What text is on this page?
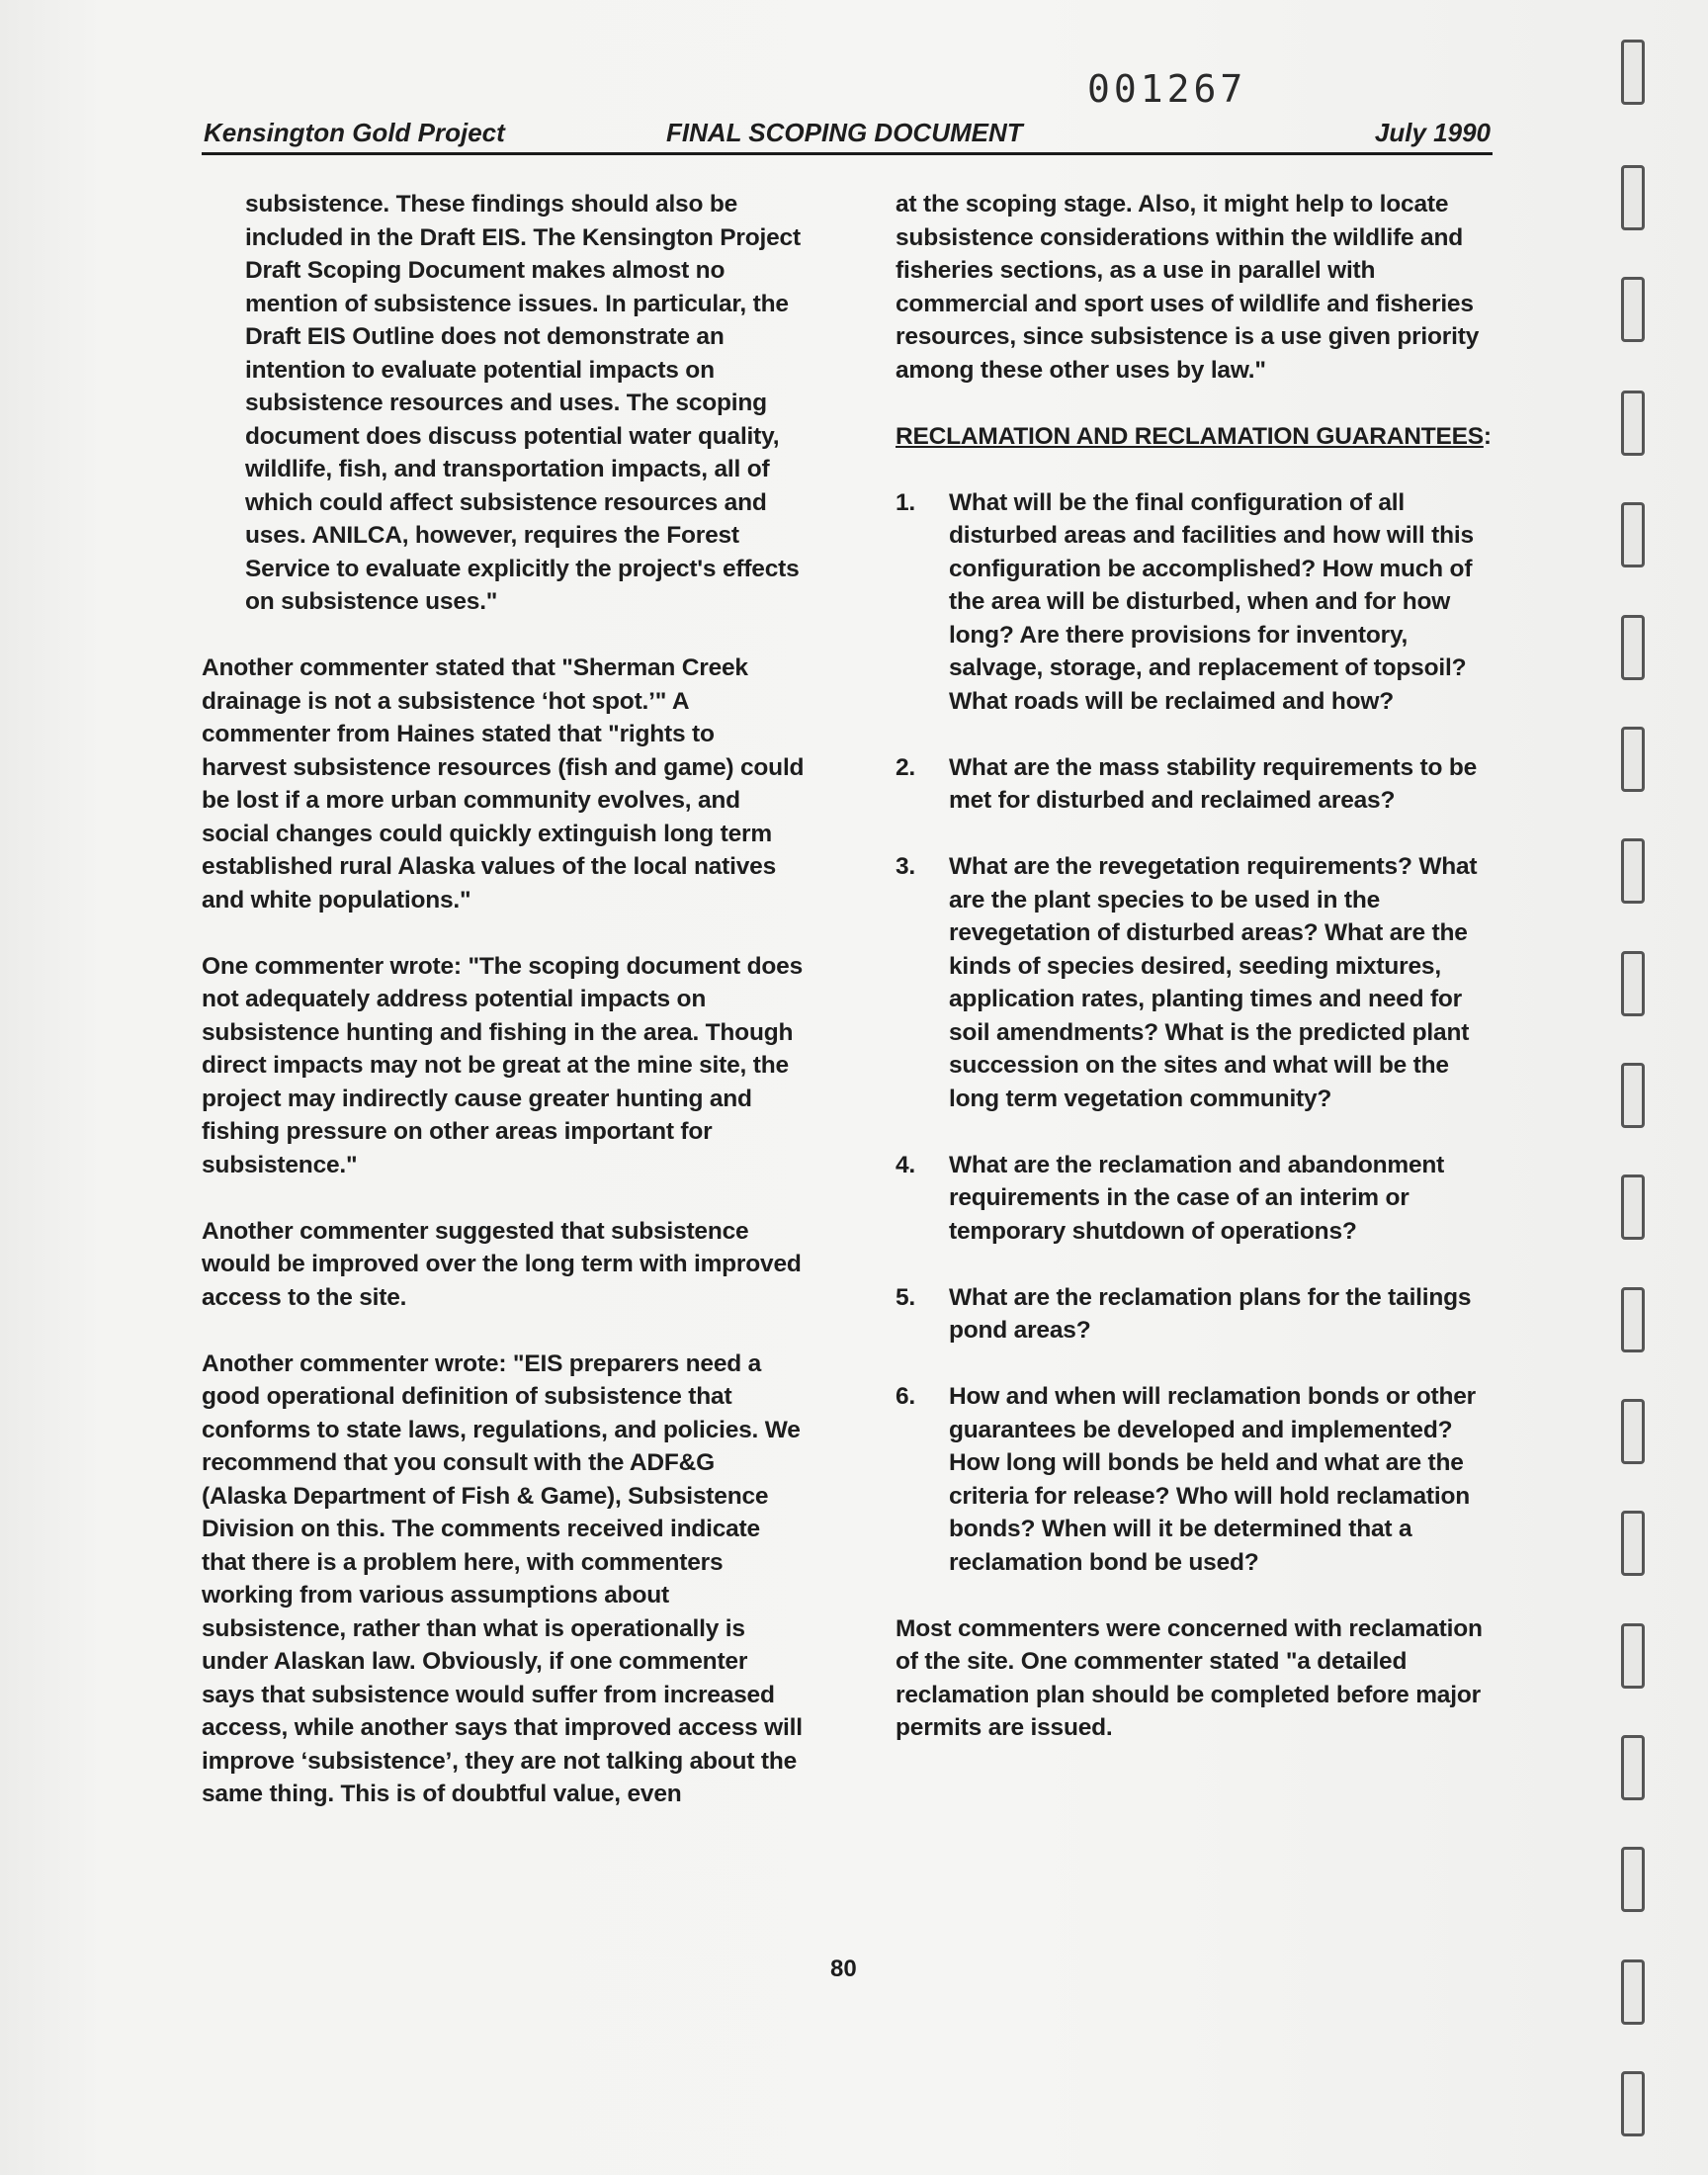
001267
Kensington Gold Project	FINAL SCOPING DOCUMENT	July 1990

subsistence. These findings should also be included in the Draft EIS. The Kensington Project Draft Scoping Document makes almost no mention of subsistence issues. In particular, the Draft EIS Outline does not demonstrate an intention to evaluate potential impacts on subsistence resources and uses. The scoping document does discuss potential water quality, wildlife, fish, and transportation impacts, all of which could affect subsistence resources and uses. ANILCA, however, requires the Forest Service to evaluate explicitly the project's effects on subsistence uses."

Another commenter stated that "Sherman Creek drainage is not a subsistence ‘hot spot.’" A commenter from Haines stated that "rights to harvest subsistence resources (fish and game) could be lost if a more urban community evolves, and social changes could quickly extinguish long term established rural Alaska values of the local natives and white populations."

One commenter wrote: "The scoping document does not adequately address potential impacts on subsistence hunting and fishing in the area. Though direct impacts may not be great at the mine site, the project may indirectly cause greater hunting and fishing pressure on other areas important for subsistence."

Another commenter suggested that subsistence would be improved over the long term with improved access to the site.

Another commenter wrote: "EIS preparers need a good operational definition of subsistence that conforms to state laws, regulations, and policies. We recommend that you consult with the ADF&G (Alaska Department of Fish & Game), Subsistence Division on this. The comments received indicate that there is a problem here, with commenters working from various assumptions about subsistence, rather than what is operationally is under Alaskan law. Obviously, if one commenter says that subsistence would suffer from increased access, while another says that improved access will improve ‘subsistence’, they are not talking about the same thing. This is of doubtful value, even

at the scoping stage. Also, it might help to locate subsistence considerations within the wildlife and fisheries sections, as a use in parallel with commercial and sport uses of wildlife and fisheries resources, since subsistence is a use given priority among these other uses by law."

RECLAMATION AND RECLAMATION GUARANTEES:

1. What will be the final configuration of all disturbed areas and facilities and how will this configuration be accomplished? How much of the area will be disturbed, when and for how long? Are there provisions for inventory, salvage, storage, and replacement of topsoil? What roads will be reclaimed and how?
2. What are the mass stability requirements to be met for disturbed and reclaimed areas?
3. What are the revegetation requirements? What are the plant species to be used in the revegetation of disturbed areas? What are the kinds of species desired, seeding mixtures, application rates, planting times and need for soil amendments? What is the predicted plant succession on the sites and what will be the long term vegetation community?
4. What are the reclamation and abandonment requirements in the case of an interim or temporary shutdown of operations?
5. What are the reclamation plans for the tailings pond areas?
6. How and when will reclamation bonds or other guarantees be developed and implemented? How long will bonds be held and what are the criteria for release? Who will hold reclamation bonds? When will it be determined that a reclamation bond be used?

Most commenters were concerned with reclamation of the site. One commenter stated "a detailed reclamation plan should be completed before major permits are issued.

80
